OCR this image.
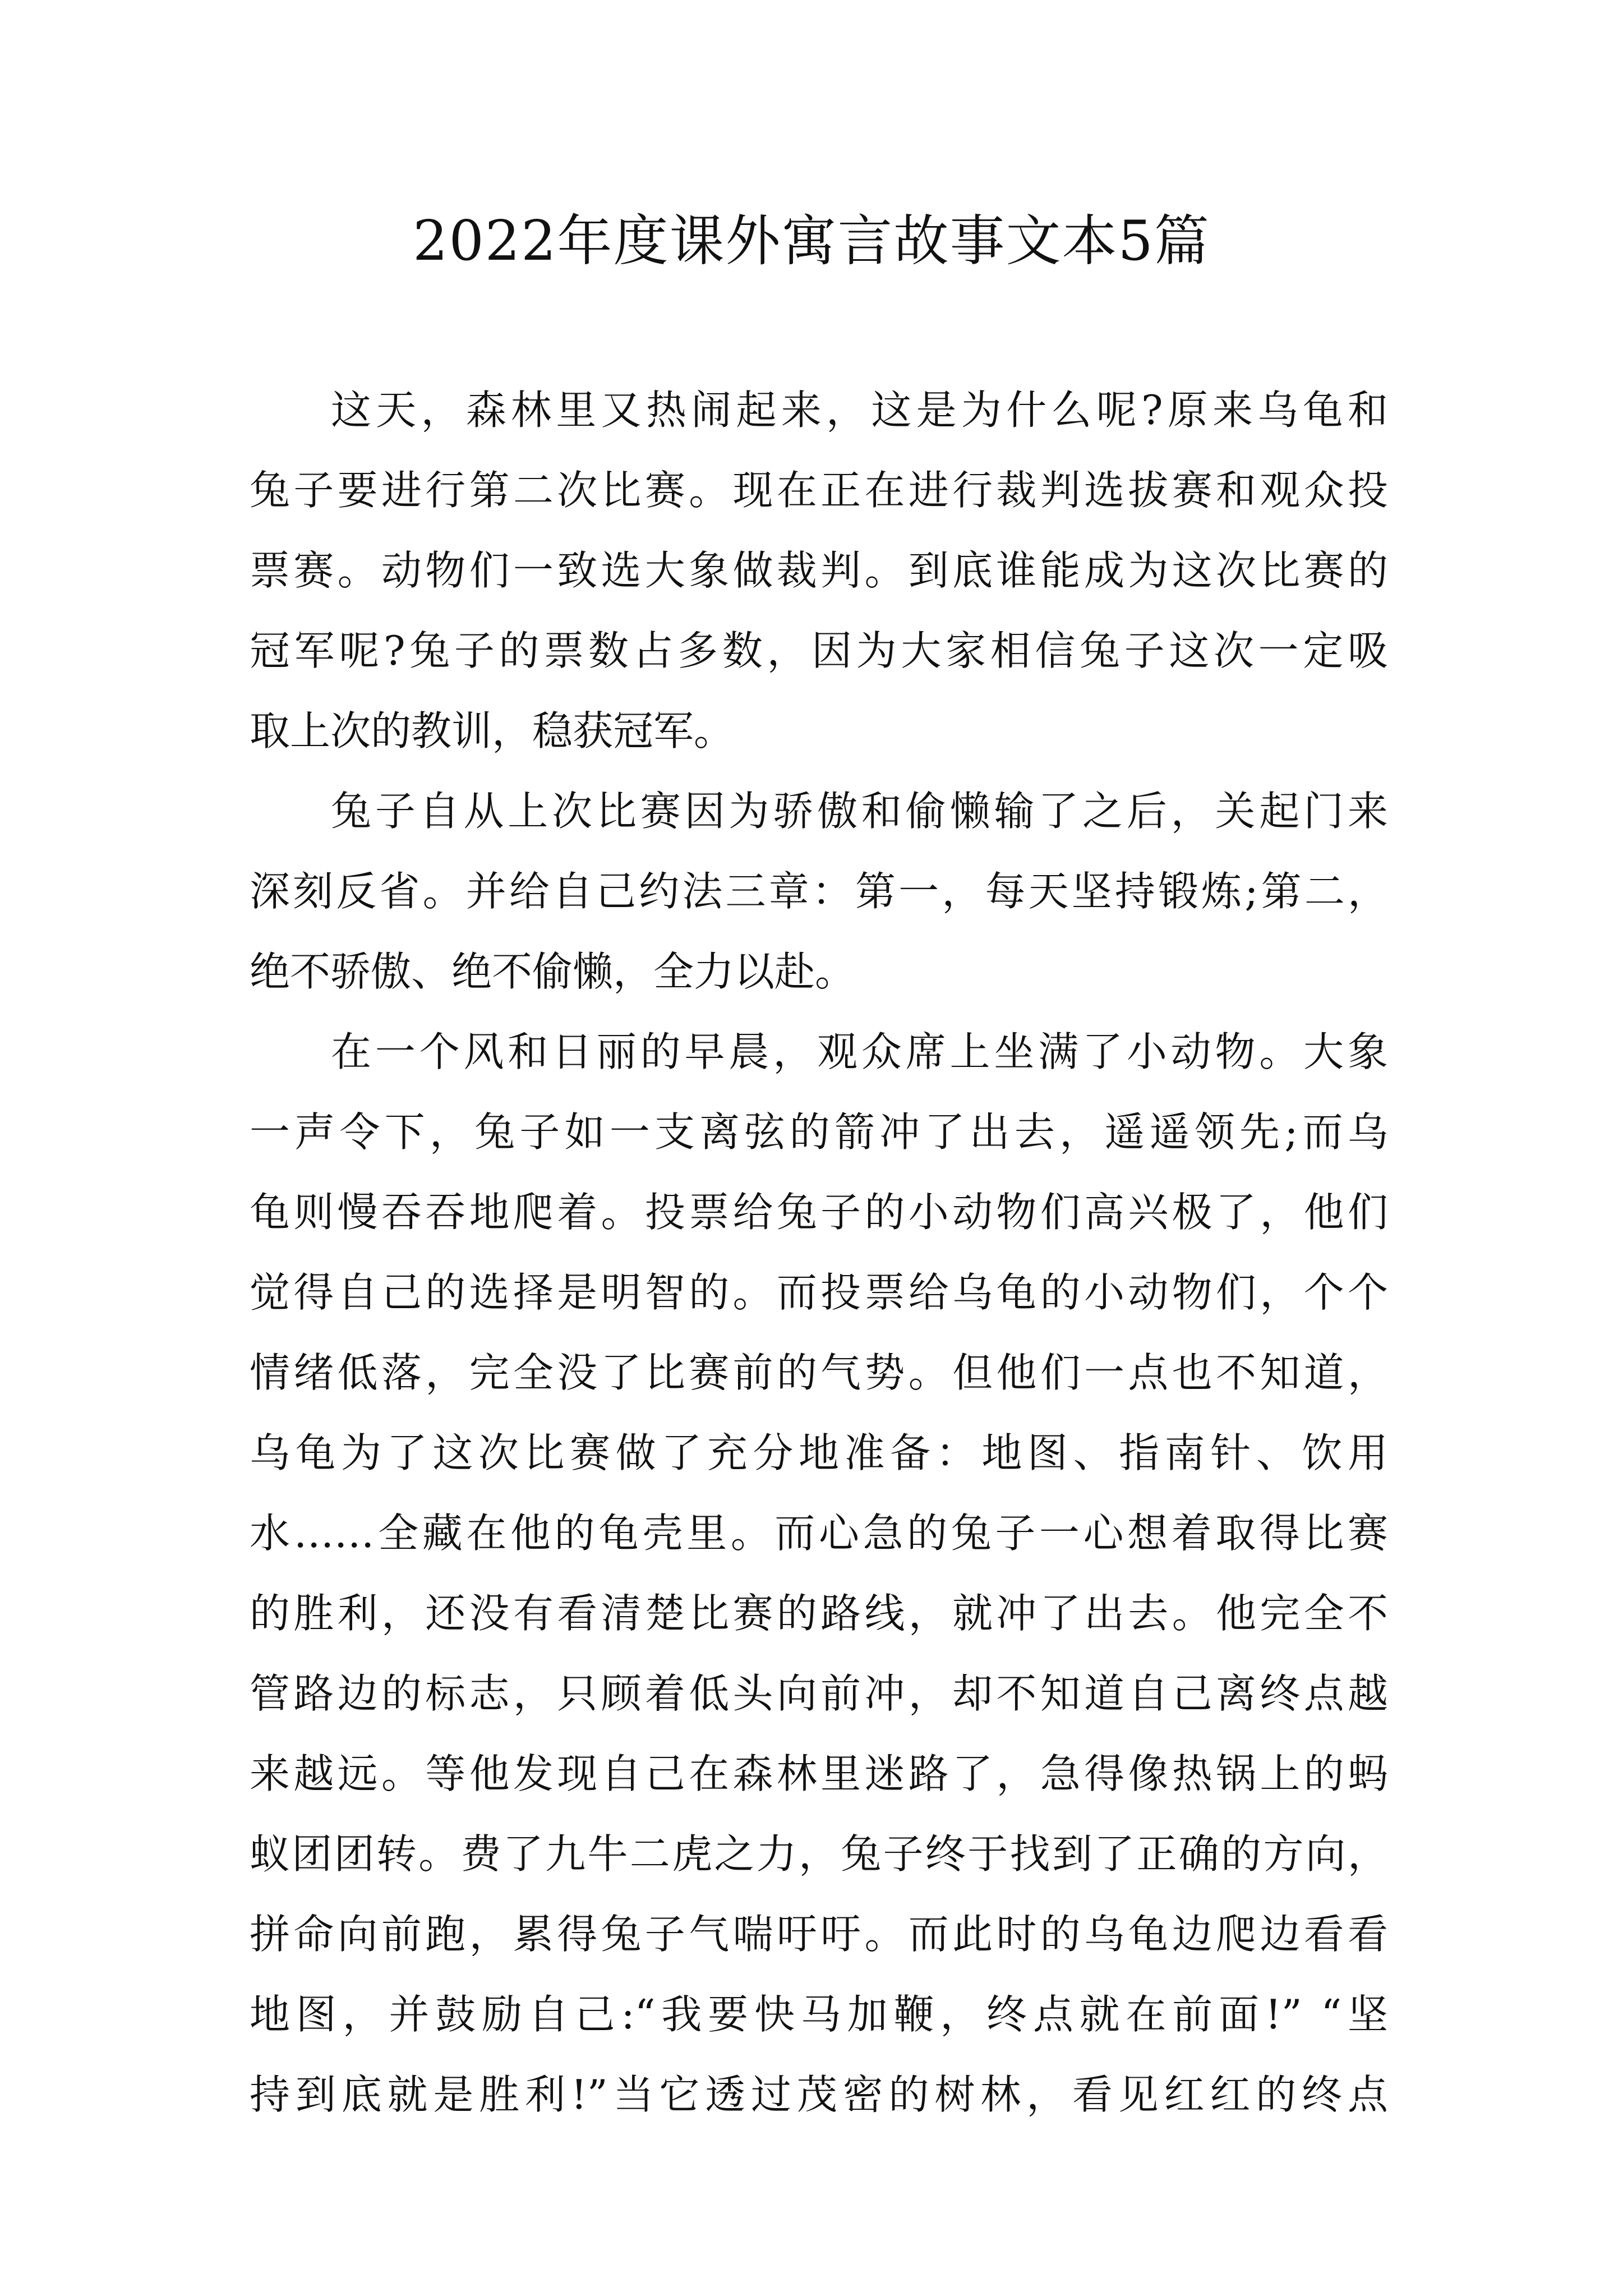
2022年度课外寓言故事文本5篇
这天，森林里又热闹起来，这是为什么呢?原来乌龟和
兔子要进行第二次比赛。现在正在进行裁判选拔赛和观众投
票赛。动物们一致选大象做裁判。到底谁能成为这次比赛的
冠军呢?兔子的票数占多数，因为大家相信兔子这次一定吸
取上次的教训，稳获冠军。
兔子自从上次比赛因为骄傲和偷懒输了之后，关起门来
深刻反省。并给自己约法三章：第一，每天坚持锻炼;第二，
绝不骄傲、绝不偷懒，全力以赴。
在一个风和日丽的早晨，观众席上坐满了小动物。大象
一声令下，兔子如一支离弦的箭冲了出去，遥遥领先;而乌
龟则慢吞吞地爬着。投票给兔子的小动物们高兴极了，他们
觉得自己的选择是明智的。而投票给乌龟的小动物们，个个
情绪低落，完全没了比赛前的气势。但他们一点也不知道，
乌龟为了这次比赛做了充分地准备：地图、指南针、饮用
水……全藏在他的龟壳里。而心急的兔子一心想着取得比赛
的胜利，还没有看清楚比赛的路线，就冲了出去。他完全不
管路边的标志，只顾着低头向前冲，却不知道自己离终点越
来越远。等他发现自己在森林里迷路了，急得像热锅上的蚂
蚁团团转。费了九牛二虎之力，兔子终于找到了正确的方向，
拼命向前跑，累得兔子气喘吁吁。而此时的乌龟边爬边看看
地图，并鼓励自己:“我要快马加鞭，终点就在前面!” “坚
持到底就是胜利!”当它透过茂密的树林，看见红红的终点
